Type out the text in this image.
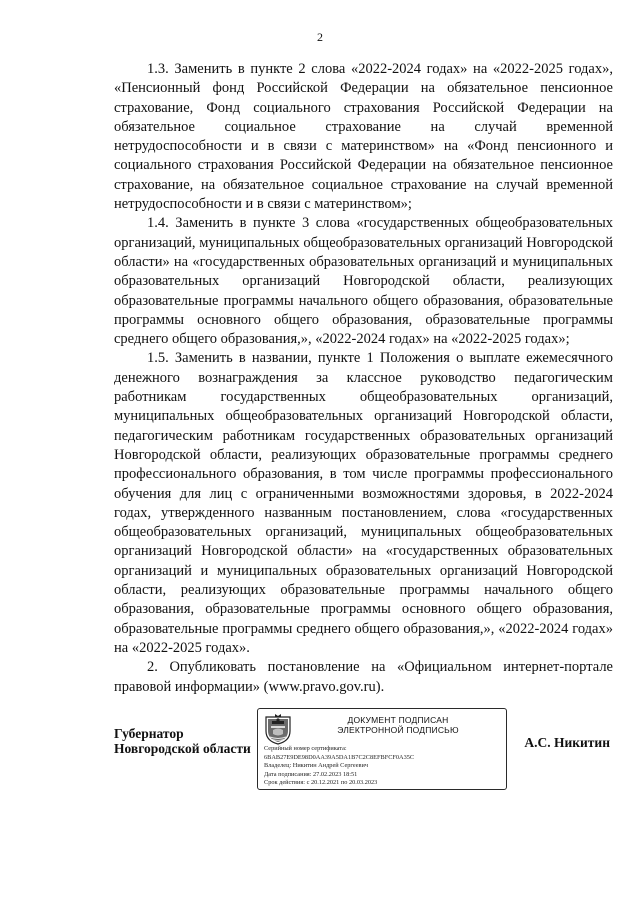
2

1.3. Заменить в пункте 2 слова «2022-2024 годах» на «2022-2025 годах», «Пенсионный фонд Российской Федерации на обязательное пенсионное страхование, Фонд социального страхования Российской Федерации на обязательное социальное страхование на случай временной нетрудоспособности и в связи с материнством» на «Фонд пенсионного и социального страхования Российской Федерации на обязательное пенсионное страхование, на обязательное социальное страхование на случай временной нетрудоспособности и в связи с материнством»;

1.4. Заменить в пункте 3 слова «государственных общеобразовательных организаций, муниципальных общеобразовательных организаций Новгородской области» на «государственных образовательных организаций и муниципальных образовательных организаций Новгородской области, реализующих образовательные программы начального общего образования, образовательные программы основного общего образования, образовательные программы среднего общего образования,», «2022-2024 годах» на «2022-2025 годах»;

1.5. Заменить в названии, пункте 1 Положения о выплате ежемесячного денежного вознаграждения за классное руководство педагогическим работникам государственных общеобразовательных организаций, муниципальных общеобразовательных организаций Новгородской области, педагогическим работникам государственных образовательных организаций Новгородской области, реализующих образовательные программы среднего профессионального образования, в том числе программы профессионального обучения для лиц с ограниченными возможностями здоровья, в 2022-2024 годах, утвержденного названным постановлением, слова «государственных общеобразовательных организаций, муниципальных общеобразовательных организаций Новгородской области» на «государственных образовательных организаций и муниципальных образовательных организаций Новгородской области, реализующих образовательные программы начального общего образования, образовательные программы основного общего образования, образовательные программы среднего общего образования,», «2022-2024 годах» на «2022-2025 годах».

2. Опубликовать постановление на «Официальном интернет-портале правовой информации» (www.pravo.gov.ru).

Губернатор
Новгородской области
ДОКУМЕНТ ПОДПИСАН
ЭЛЕКТРОННОЙ ПОДПИСЬЮ
Серийный номер сертификата:
6BAB27E9DE98D0AA39A5DA1B7C2C8EFBFCF0A35C
Владелец: Никитин Андрей Сергеевич
Дата подписания: 27.02.2023 18:51
Срок действия: с 20.12.2021 по 20.03.2023
А.С. Никитин
